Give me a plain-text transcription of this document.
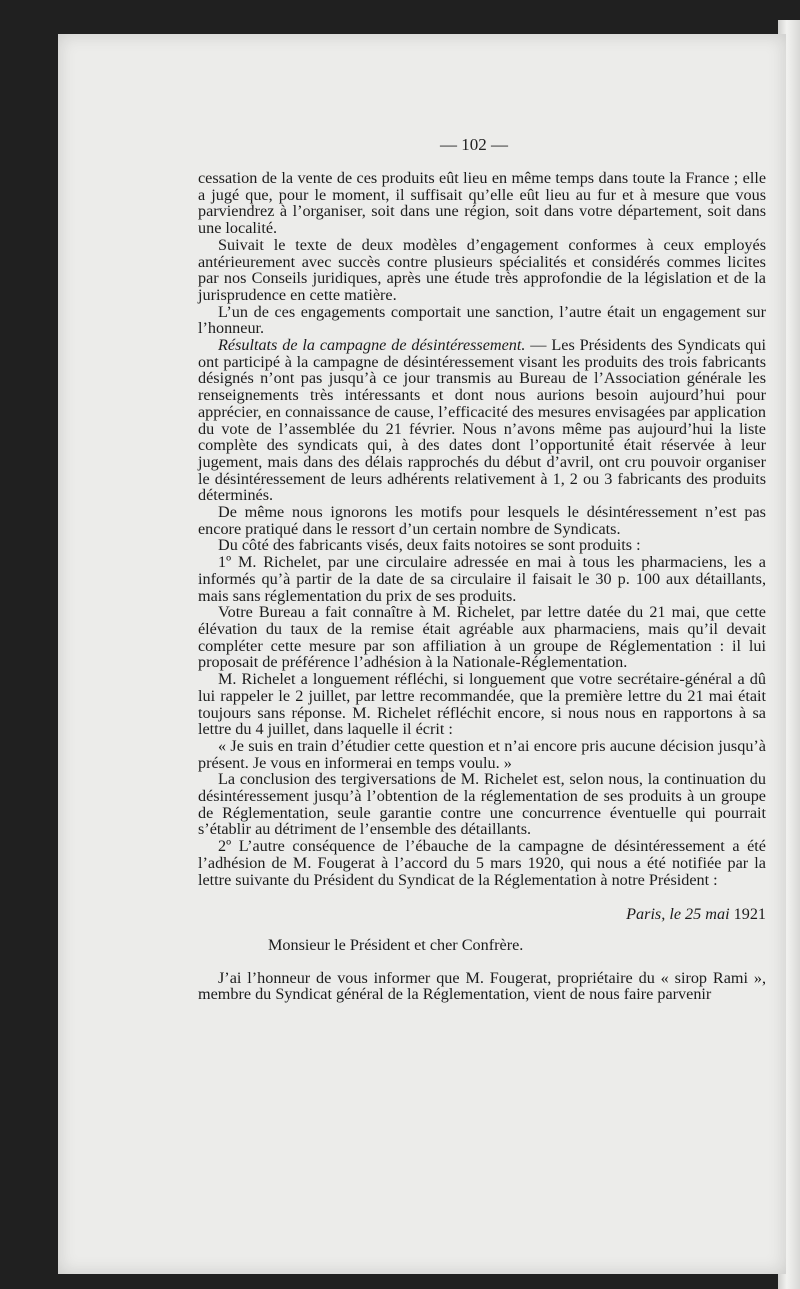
— 102 —

cessation de la vente de ces produits eût lieu en même temps dans toute la France ; elle a jugé que, pour le moment, il suffisait qu’elle eût lieu au fur et à mesure que vous parviendrez à l’organiser, soit dans une région, soit dans votre département, soit dans une localité.

Suivait le texte de deux modèles d’engagement conformes à ceux employés antérieurement avec succès contre plusieurs spécialités et considérés commes licites par nos Conseils juridiques, après une étude très approfondie de la législation et de la jurisprudence en cette matière.

L’un de ces engagements comportait une sanction, l’autre était un engagement sur l’honneur.

Résultats de la campagne de désintéressement. — Les Présidents des Syndicats qui ont participé à la campagne de désintéressement visant les produits des trois fabricants désignés n’ont pas jusqu’à ce jour transmis au Bureau de l’Association générale les renseignements très intéressants et dont nous aurions besoin aujourd’hui pour apprécier, en connaissance de cause, l’efficacité des mesures envisagées par application du vote de l’assemblée du 21 février. Nous n’avons même pas aujourd’hui la liste complète des syndicats qui, à des dates dont l’opportunité était réservée à leur jugement, mais dans des délais rapprochés du début d’avril, ont cru pouvoir organiser le désintéressement de leurs adhérents relativement à 1, 2 ou 3 fabricants des produits déterminés.

De même nous ignorons les motifs pour lesquels le désintéressement n’est pas encore pratiqué dans le ressort d’un certain nombre de Syndicats.

Du côté des fabricants visés, deux faits notoires se sont produits :

1º M. Richelet, par une circulaire adressée en mai à tous les pharmaciens, les a informés qu’à partir de la date de sa circulaire il faisait le 30 p. 100 aux détaillants, mais sans réglementation du prix de ses produits.

Votre Bureau a fait connaître à M. Richelet, par lettre datée du 21 mai, que cette élévation du taux de la remise était agréable aux pharmaciens, mais qu’il devait compléter cette mesure par son affiliation à un groupe de Réglementation : il lui proposait de préférence l’adhésion à la Nationale-Réglementation.

M. Richelet a longuement réfléchi, si longuement que votre secrétaire-général a dû lui rappeler le 2 juillet, par lettre recommandée, que la première lettre du 21 mai était toujours sans réponse. M. Richelet réfléchit encore, si nous nous en rapportons à sa lettre du 4 juillet, dans laquelle il écrit :

« Je suis en train d’étudier cette question et n’ai encore pris aucune décision jusqu’à présent. Je vous en informerai en temps voulu. »

La conclusion des tergiversations de M. Richelet est, selon nous, la continuation du désintéressement jusqu’à l’obtention de la réglementation de ses produits à un groupe de Réglementation, seule garantie contre une concurrence éventuelle qui pourrait s’établir au détriment de l’ensemble des détaillants.

2º L’autre conséquence de l’ébauche de la campagne de désintéressement a été l’adhésion de M. Fougerat à l’accord du 5 mars 1920, qui nous a été notifiée par la lettre suivante du Président du Syndicat de la Réglementation à notre Président :

Paris, le 25 mai 1921

Monsieur le Président et cher Confrère.

J’ai l’honneur de vous informer que M. Fougerat, propriétaire du « sirop Rami », membre du Syndicat général de la Réglementation, vient de nous faire parvenir
